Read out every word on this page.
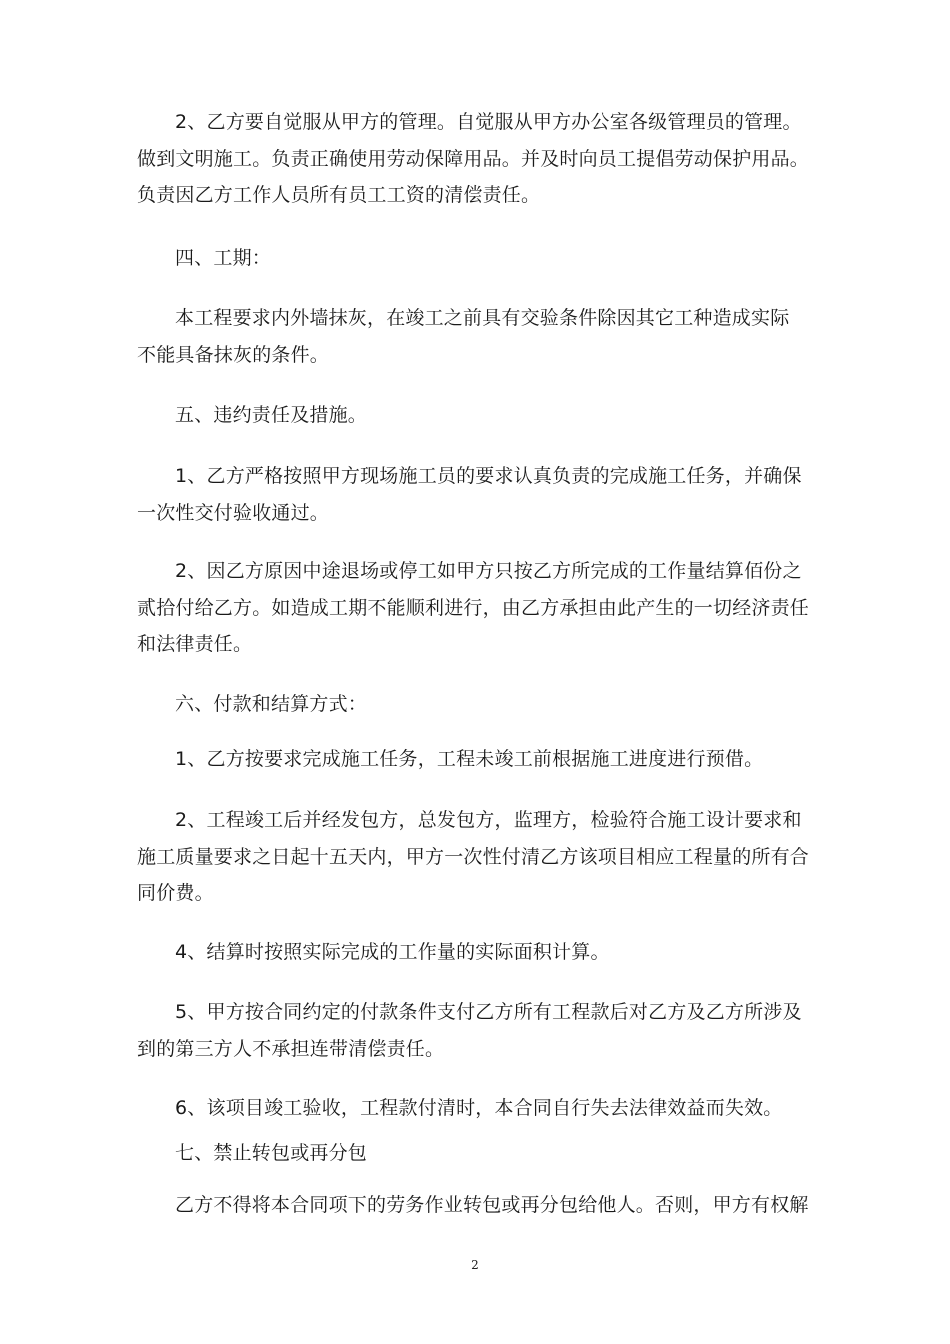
2、乙方要自觉服从甲方的管理。自觉服从甲方办公室各级管理员的管理。
做到文明施工。负责正确使用劳动保障用品。并及时向员工提倡劳动保护用品。
负责因乙方工作人员所有员工工资的清偿责任。
四、工期：
本工程要求内外墙抹灰，在竣工之前具有交验条件除因其它工种造成实际
不能具备抹灰的条件。
五、违约责任及措施。
1、乙方严格按照甲方现场施工员的要求认真负责的完成施工任务，并确保
一次性交付验收通过。
2、因乙方原因中途退场或停工如甲方只按乙方所完成的工作量结算佰份之
贰拾付给乙方。如造成工期不能顺利进行，由乙方承担由此产生的一切经济责任
和法律责任。
六、付款和结算方式：
1、乙方按要求完成施工任务，工程未竣工前根据施工进度进行预借。
2、工程竣工后并经发包方，总发包方，监理方，检验符合施工设计要求和
施工质量要求之日起十五天内，甲方一次性付清乙方该项目相应工程量的所有合
同价费。
4、结算时按照实际完成的工作量的实际面积计算。
5、甲方按合同约定的付款条件支付乙方所有工程款后对乙方及乙方所涉及
到的第三方人不承担连带清偿责任。
6、该项目竣工验收，工程款付清时，本合同自行失去法律效益而失效。
七、禁止转包或再分包
乙方不得将本合同项下的劳务作业转包或再分包给他人。否则，甲方有权解
2
